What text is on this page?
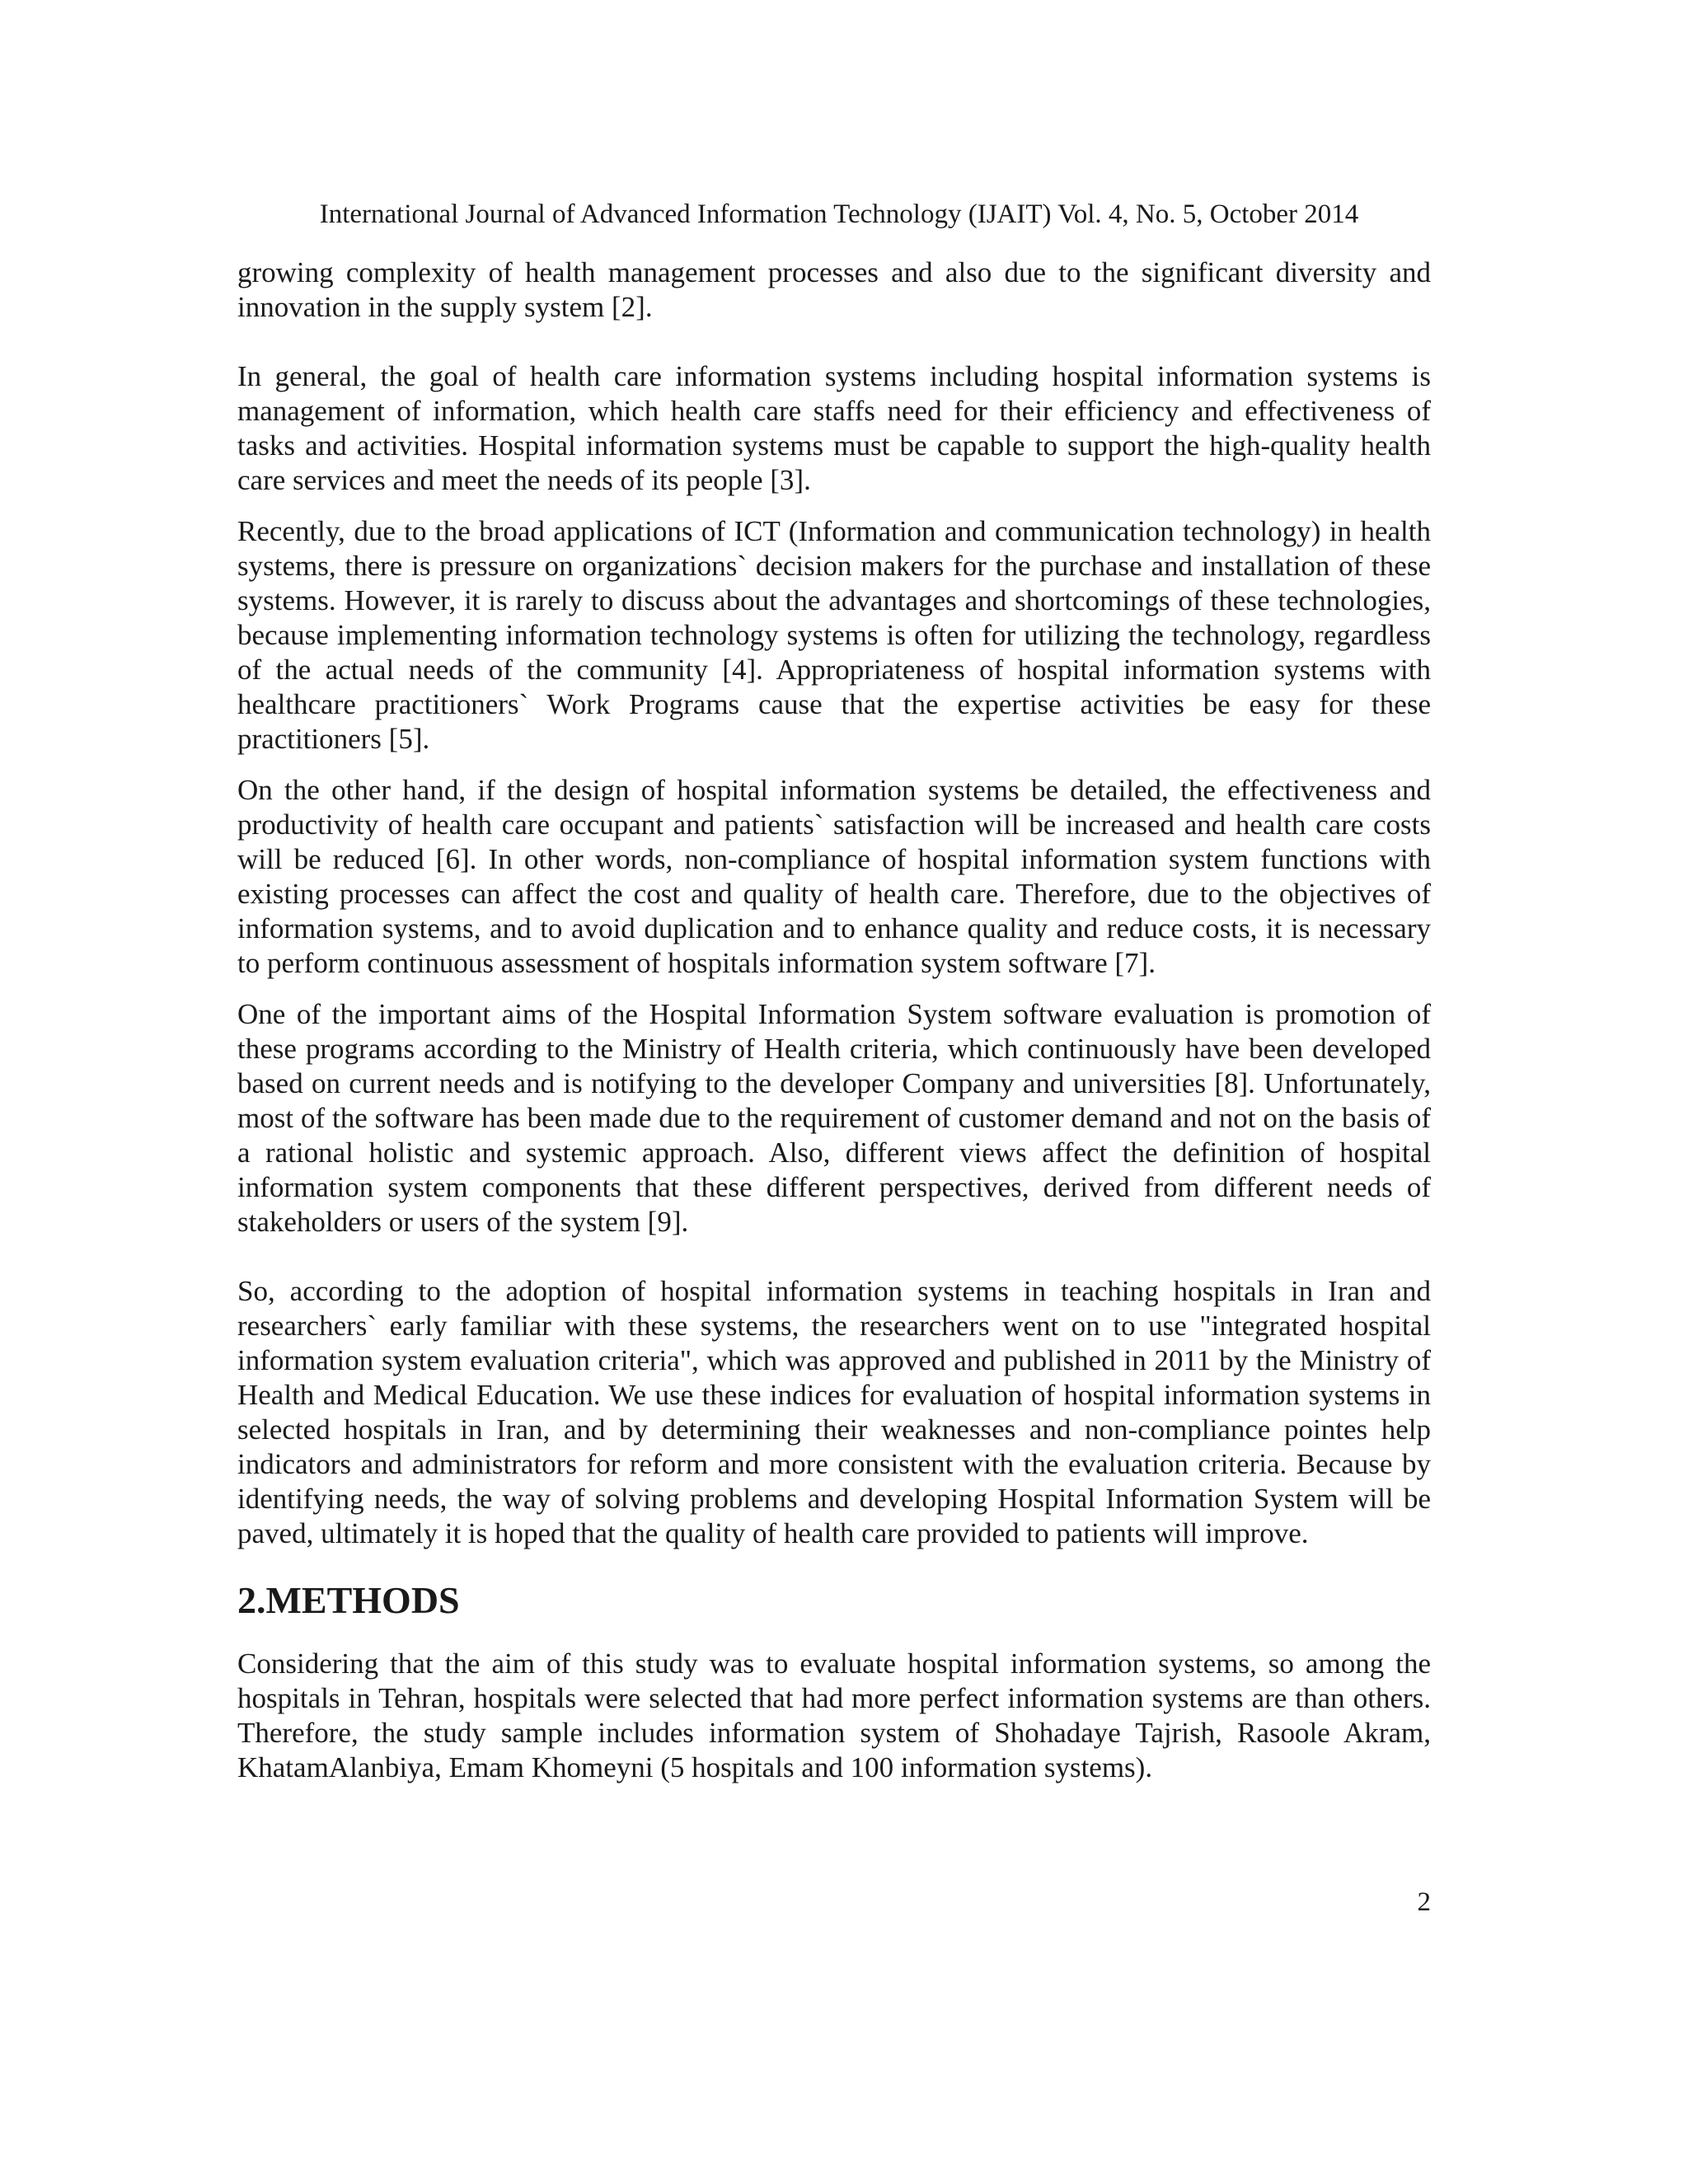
International Journal of Advanced Information Technology (IJAIT) Vol. 4, No. 5, October 2014

growing complexity of health management processes and also due to the significant diversity and innovation in the supply system [2].

In general, the goal of health care information systems including hospital information systems is management of information, which health care staffs need for their efficiency and effectiveness of tasks and activities. Hospital information systems must be capable to support the high-quality health care services and meet the needs of its people [3].

Recently, due to the broad applications of ICT (Information and communication technology) in health systems, there is pressure on organizations` decision makers for the purchase and installation of these systems. However, it is rarely to discuss about the advantages and shortcomings of these technologies, because implementing information technology systems is often for utilizing the technology, regardless of the actual needs of the community [4]. Appropriateness of hospital information systems with healthcare practitioners` Work Programs cause that the expertise activities be easy for these practitioners [5].

On the other hand, if the design of hospital information systems be detailed, the effectiveness and productivity of health care occupant and patients` satisfaction will be increased and health care costs will be reduced [6]. In other words, non-compliance of hospital information system functions with existing processes can affect the cost and quality of health care. Therefore, due to the objectives of information systems, and to avoid duplication and to enhance quality and reduce costs, it is necessary to perform continuous assessment of hospitals information system software [7].

One of the important aims of the Hospital Information System software evaluation is promotion of these programs according to the Ministry of Health criteria, which continuously have been developed based on current needs and is notifying to the developer Company and universities [8]. Unfortunately, most of the software has been made due to the requirement of customer demand and not on the basis of a rational holistic and systemic approach. Also, different views affect the definition of hospital information system components that these different perspectives, derived from different needs of stakeholders or users of the system [9].

So, according to the adoption of hospital information systems in teaching hospitals in Iran and researchers` early familiar with these systems, the researchers went on to use "integrated hospital information system evaluation criteria", which was approved and published in 2011 by the Ministry of Health and Medical Education. We use these indices for evaluation of hospital information systems in selected hospitals in Iran, and by determining their weaknesses and non-compliance pointes help indicators and administrators for reform and more consistent with the evaluation criteria. Because by identifying needs, the way of solving problems and developing Hospital Information System will be paved, ultimately it is hoped that the quality of health care provided to patients will improve.

2.METHODS

Considering that the aim of this study was to evaluate hospital information systems, so among the hospitals in Tehran, hospitals were selected that had more perfect information systems are than others. Therefore, the study sample includes information system of Shohadaye Tajrish, Rasoole Akram, KhatamAlanbiya, Emam Khomeyni (5 hospitals and 100 information systems).

2
